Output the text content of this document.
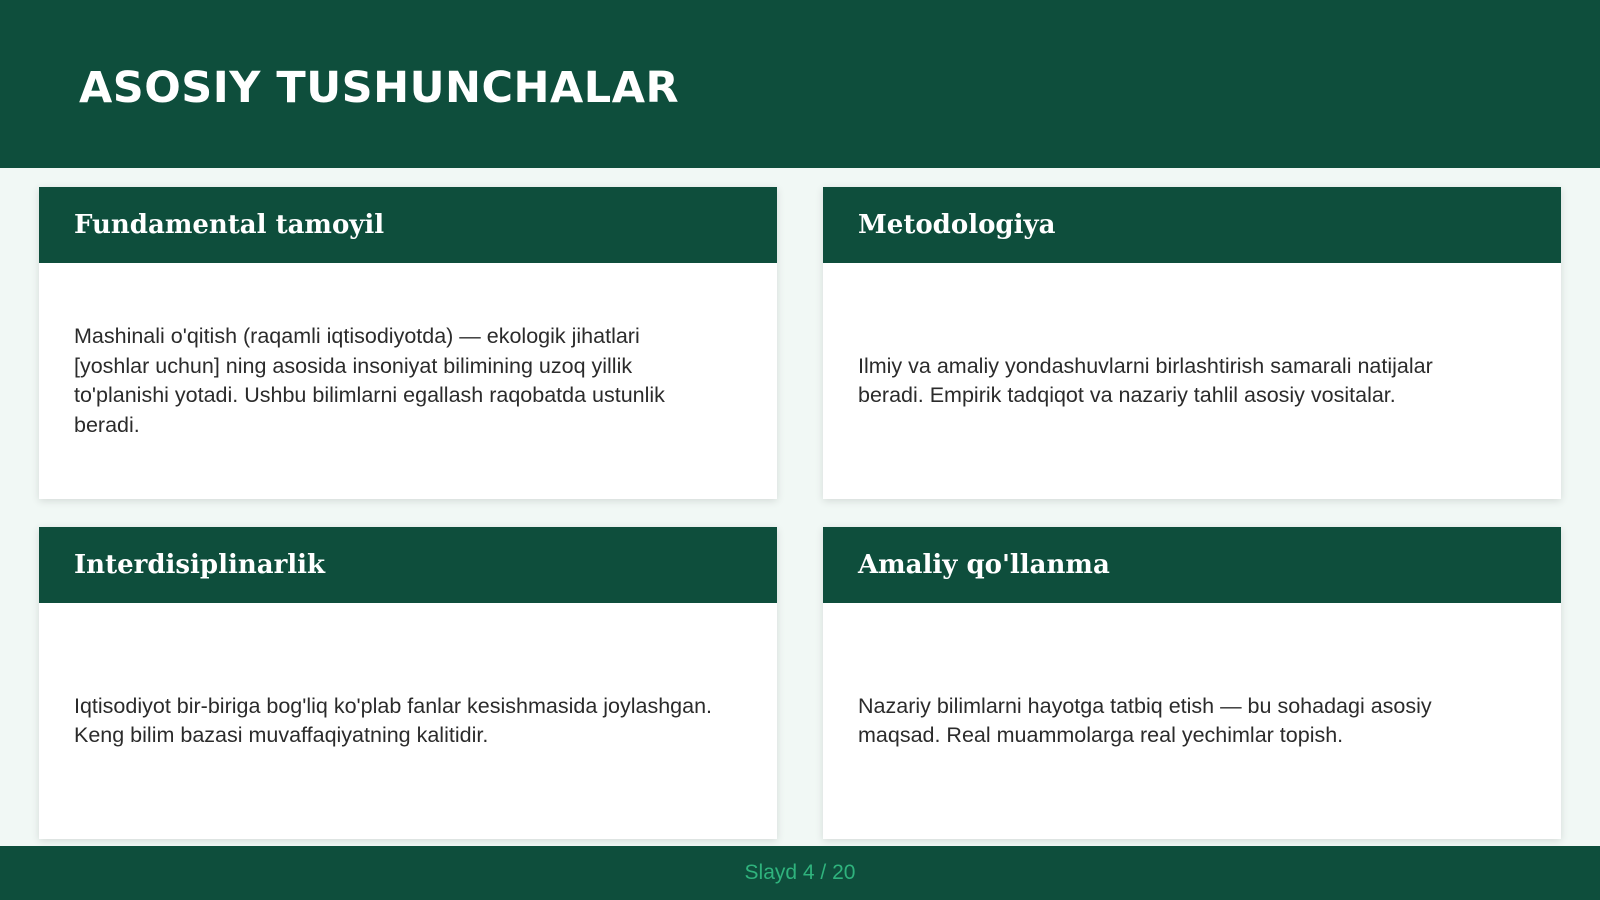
ASOSIY TUSHUNCHALAR
Fundamental tamoyil

Mashinali o'qitish (raqamli iqtisodiyotda) — ekologik jihatlari [yoshlar uchun] ning asosida insoniyat bilimining uzoq yillik to'planishi yotadi. Ushbu bilimlarni egallash raqobatda ustunlik beradi.

Metodologiya

Ilmiy va amaliy yondashuvlarni birlashtirish samarali natijalar beradi. Empirik tadqiqot va nazariy tahlil asosiy vositalar.

Interdisiplinarlik

Iqtisodiyot bir-biriga bog'liq ko'plab fanlar kesishmasida joylashgan. Keng bilim bazasi muvaffaqiyatning kalitidir.

Amaliy qo'llanma

Nazariy bilimlarni hayotga tatbiq etish — bu sohadagi asosiy maqsad. Real muammolarga real yechimlar topish.

Slayd 4 / 20
